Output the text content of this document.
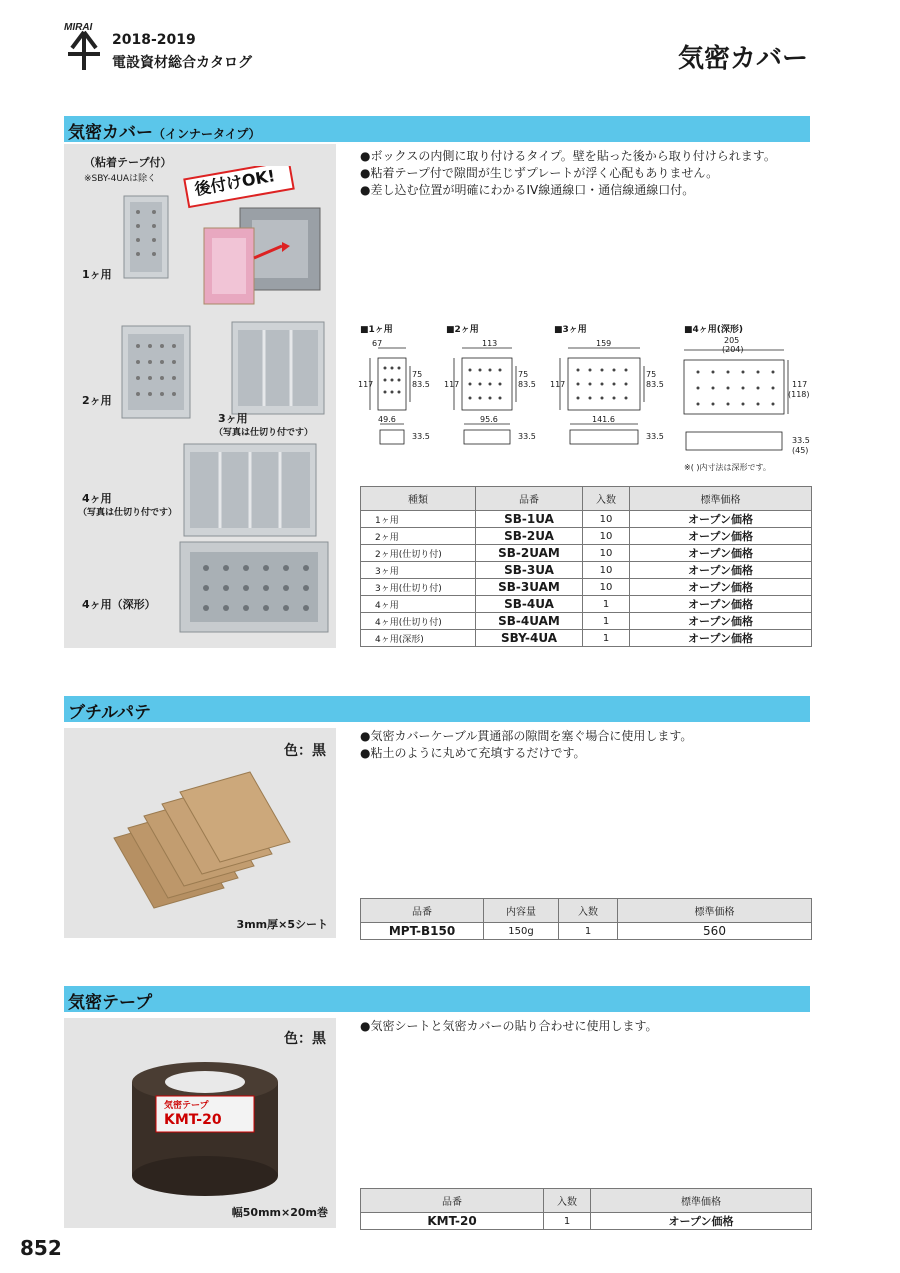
MIRAI
2018-2019
電設資材総合カタログ	気密カバー
気密カバー（インナータイプ）
（粘着テープ付）
※SBY-4UAは除く 後付けOK!
1ヶ用
2ヶ用
3ヶ用
（写真は仕切り付です）
4ヶ用
（写真は仕切り付です）
4ヶ用（深形）
●ボックスの内側に取り付けるタイプ。壁を貼った後から取り付けられます。
●粘着テープ付で隙間が生じずプレートが浮く心配もありません。
●差し込む位置が明確にわかるIV線通線口・通信線通線口付。
■1ヶ用	■2ヶ用	■3ヶ用	■4ヶ用(深形)
67
117
75
83.5
49.6
33.5
113
117
75
83.5
95.6
33.5
159
117
75
83.5
141.6
33.5
205
(204)
117
(118)
33.5
(45)
※( )内寸法は深形です。
種類	品番	入数	標準価格
1ヶ用	SB-1UA	10	オープン価格
2ヶ用	SB-2UA	10	オープン価格
2ヶ用(仕切り付)	SB-2UAM	10	オープン価格
3ヶ用	SB-3UA	10	オープン価格
3ヶ用(仕切り付)	SB-3UAM	10	オープン価格
4ヶ用	SB-4UA	1	オープン価格
4ヶ用(仕切り付)	SB-4UAM	1	オープン価格
4ヶ用(深形)	SBY-4UA	1	オープン価格
ブチルパテ
色：黒
3mm厚×5シート
●気密カバーケーブル貫通部の隙間を塞ぐ場合に使用します。
●粘土のように丸めて充填するだけです。
品番	内容量	入数	標準価格
MPT-B150	150g	1	560
気密テープ
色：黒
気密テープ
KMT-20
幅50mm×20m巻
●気密シートと気密カバーの貼り合わせに使用します。
品番	入数	標準価格
KMT-20	1	オープン価格
852
